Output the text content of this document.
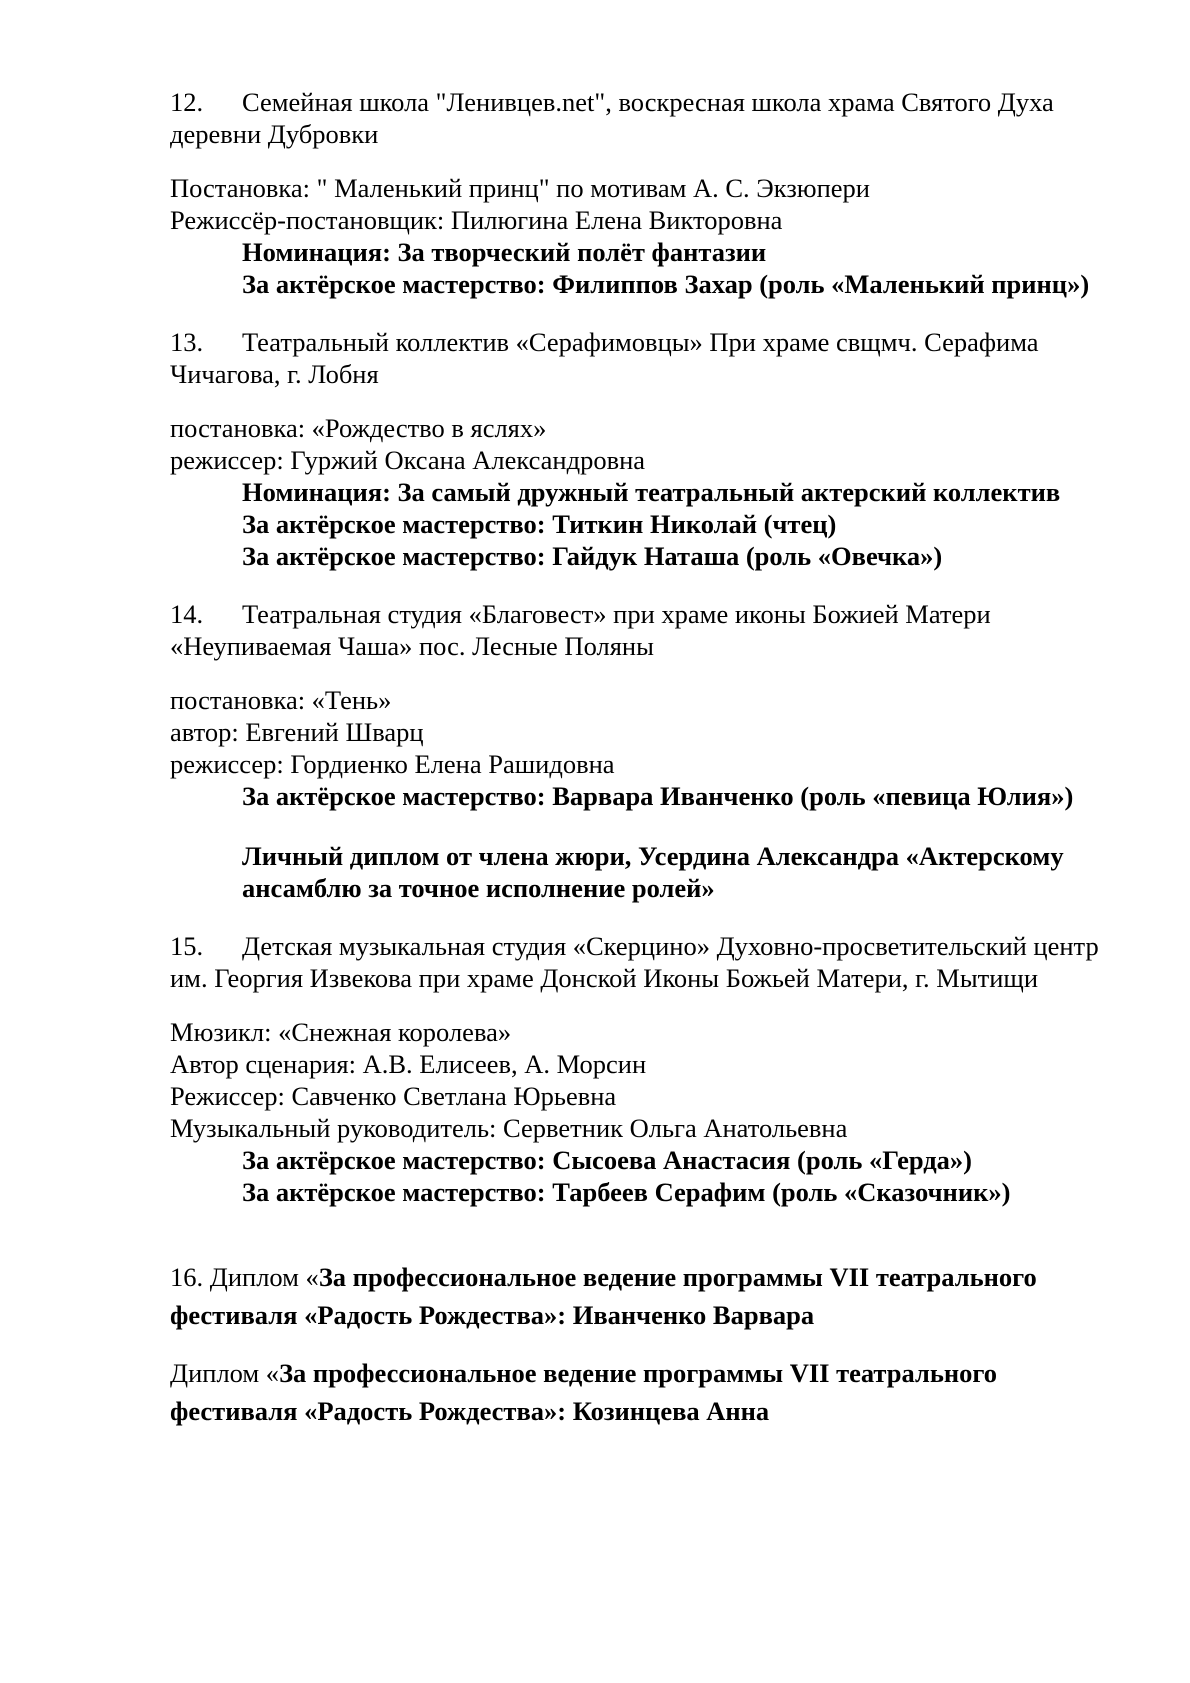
12. Семейная школа "Ленивцев.net", воскресная школа храма Святого Духа деревни Дубровки
Постановка: " Маленький принц" по мотивам А. С. Экзюпери
Режиссёр-постановщик: Пилюгина Елена Викторовна
Номинация: За творческий полёт фантазии
За актёрское мастерство: Филиппов Захар (роль «Маленький принц»)
13. Театральный коллектив «Серафимовцы» При храме свщмч. Серафима Чичагова, г. Лобня
постановка: «Рождество в яслях»
режиссер: Гуржий Оксана Александровна
Номинация: За самый дружный театральный актерский коллектив
За актёрское мастерство: Титкин Николай (чтец)
За актёрское мастерство: Гайдук Наташа (роль «Овечка»)
14. Театральная студия «Благовест» при храме иконы Божией Матери «Неупиваемая Чаша» пос. Лесные Поляны
постановка: «Тень»
автор: Евгений Шварц
режиссер: Гордиенко Елена Рашидовна
За актёрское мастерство: Варвара Иванченко (роль «певица Юлия»)
Личный диплом от члена жюри, Усердина Александра «Актерскому ансамблю за точное исполнение ролей»
15. Детская музыкальная студия «Скерцино» Духовно-просветительский центр им. Георгия Извекова при храме Донской Иконы Божьей Матери, г. Мытищи
Мюзикл: «Снежная королева»
Автор сценария: А.В. Елисеев, А. Морсин
Режиссер: Савченко Светлана Юрьевна
Музыкальный руководитель: Серветник Ольга Анатольевна
За актёрское мастерство: Сысоева Анастасия (роль «Герда»)
За актёрское мастерство: Тарбеев Серафим (роль «Сказочник»)
16. Диплом «За профессиональное ведение программы VII театрального фестиваля «Радость Рождества»: Иванченко Варвара
Диплом «За профессиональное ведение программы VII театрального фестиваля «Радость Рождества»: Козинцева Анна
